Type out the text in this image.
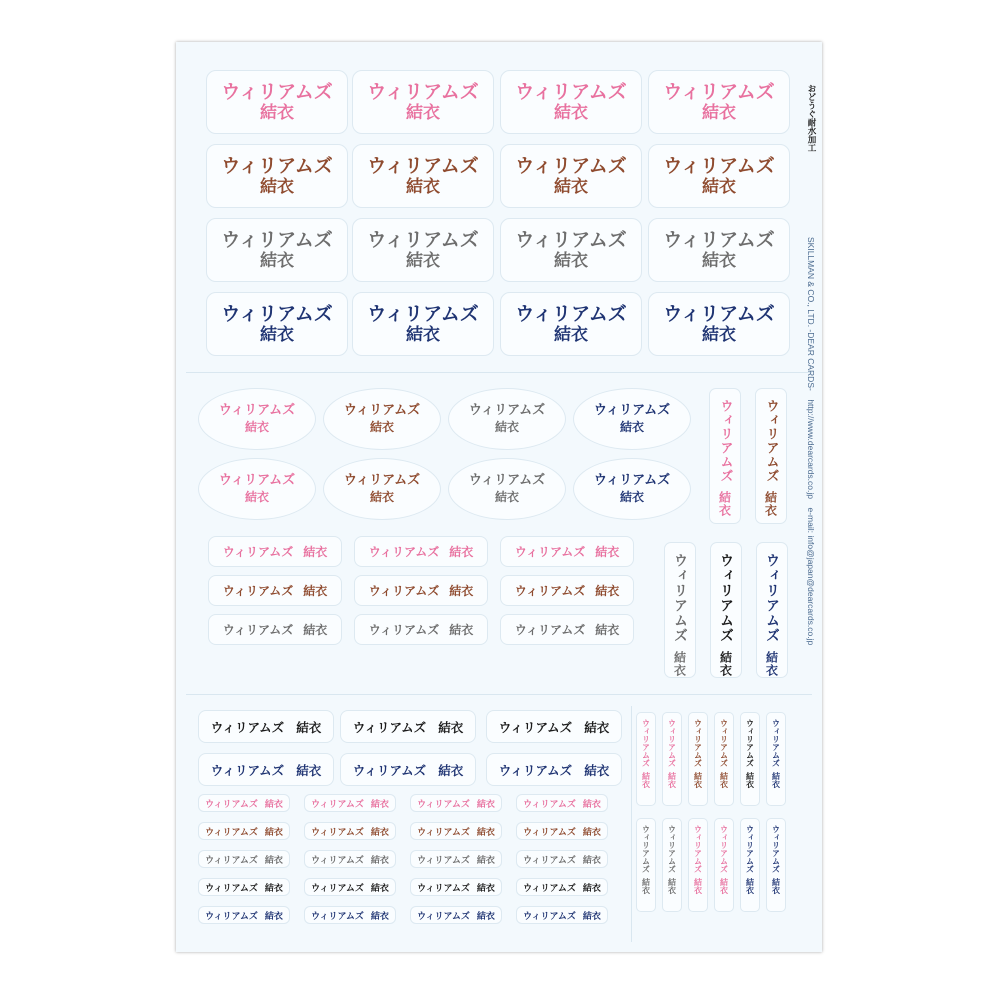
おどうぐ耐水加工
SKILLMAN & CO., LTD. -DEAR CARDS-　http://www.dearcards.co.jp　e-mail: info@japan@dearcards.co.jp
ウィリアムズ
結衣
ウィリアムズ
結衣
ウィリアムズ
結衣
ウィリアムズ
結衣
ウィリアムズ
結衣
ウィリアムズ
結衣
ウィリアムズ
結衣
ウィリアムズ
結衣
ウィリアムズ
結衣
ウィリアムズ
結衣
ウィリアムズ
結衣
ウィリアムズ
結衣
ウィリアムズ
結衣
ウィリアムズ
結衣
ウィリアムズ
結衣
ウィリアムズ
結衣
ウィリアムズ
結衣
ウィリアムズ
結衣
ウィリアムズ
結衣
ウィリアムズ
結衣
ウィリアムズ
結衣
ウィリアムズ
結衣
ウィリアムズ
結衣
ウィリアムズ
結衣
ウィリアムズ
結衣
ウィリアムズ
結衣
ウィリアムズ 結衣	ウィリアムズ 結衣	ウィリアムズ 結衣
ウィリアムズ 結衣	ウィリアムズ 結衣	ウィリアムズ 結衣
ウィリアムズ 結衣	ウィリアムズ 結衣	ウィリアムズ 結衣	ウィリアムズ
結衣
ウィリアムズ
結衣
ウィリアムズ
結衣
ウィリアムズ 結衣	ウィリアムズ 結衣	ウィリアムズ 結衣
ウィリアムズ 結衣	ウィリアムズ 結衣	ウィリアムズ 結衣
ウィリアムズ 結衣	ウィリアムズ 結衣	ウィリアムズ 結衣	ウィリアムズ 結衣
ウィリアムズ 結衣	ウィリアムズ 結衣	ウィリアムズ 結衣	ウィリアムズ 結衣
ウィリアムズ 結衣	ウィリアムズ 結衣	ウィリアムズ 結衣	ウィリアムズ 結衣
ウィリアムズ 結衣	ウィリアムズ 結衣	ウィリアムズ 結衣	ウィリアムズ 結衣
ウィリアムズ 結衣	ウィリアムズ 結衣	ウィリアムズ 結衣	ウィリアムズ 結衣
ウィリアムズ
結衣
ウィリアムズ
結衣
ウィリアムズ
結衣
ウィリアムズ
結衣
ウィリアムズ
結衣
ウィリアムズ
結衣
ウィリアムズ
結衣
ウィリアムズ
結衣
ウィリアムズ
結衣
ウィリアムズ
結衣
ウィリアムズ
結衣
ウィリアムズ
結衣
